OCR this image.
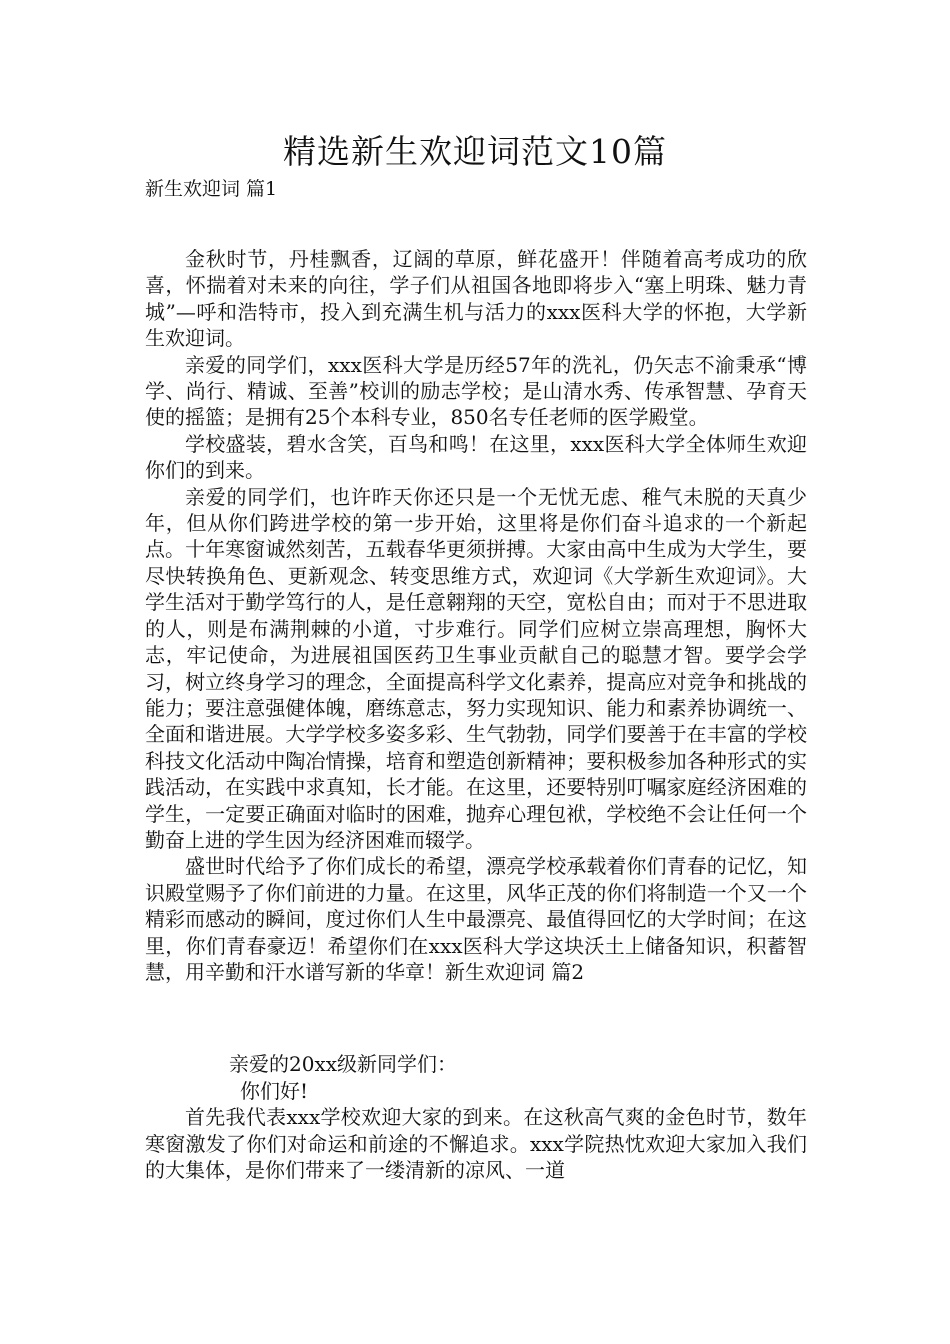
精选新生欢迎词范文10篇
新生欢迎词 篇1

金秋时节，丹桂飘香，辽阔的草原，鲜花盛开！伴随着高考成功的欣喜，怀揣着对未来的向往，学子们从祖国各地即将步入“塞上明珠、魅力青城”—呼和浩特市，投入到充满生机与活力的xxx医科大学的怀抱，大学新生欢迎词。

亲爱的同学们，xxx医科大学是历经57年的洗礼，仍矢志不渝秉承“博学、尚行、精诚、至善”校训的励志学校；是山清水秀、传承智慧、孕育天使的摇篮；是拥有25个本科专业，850名专任老师的医学殿堂。

学校盛装，碧水含笑，百鸟和鸣！在这里，xxx医科大学全体师生欢迎你们的到来。

亲爱的同学们，也许昨天你还只是一个无忧无虑、稚气未脱的天真少年，但从你们跨进学校的第一步开始，这里将是你们奋斗追求的一个新起点。十年寒窗诚然刻苦，五载春华更须拼搏。大家由高中生成为大学生，要尽快转换角色、更新观念、转变思维方式，欢迎词《大学新生欢迎词》。大学生活对于勤学笃行的人，是任意翱翔的天空，宽松自由；而对于不思进取的人，则是布满荆棘的小道，寸步难行。同学们应树立崇高理想，胸怀大志，牢记使命，为进展祖国医药卫生事业贡献自己的聪慧才智。要学会学习，树立终身学习的理念，全面提高科学文化素养，提高应对竞争和挑战的能力；要注意强健体魄，磨练意志，努力实现知识、能力和素养协调统一、全面和谐进展。大学学校多姿多彩、生气勃勃，同学们要善于在丰富的学校科技文化活动中陶冶情操，培育和塑造创新精神；要积极参加各种形式的实践活动，在实践中求真知，长才能。在这里，还要特别叮嘱家庭经济困难的学生，一定要正确面对临时的困难，抛弃心理包袱，学校绝不会让任何一个勤奋上进的学生因为经济困难而辍学。

盛世时代给予了你们成长的希望，漂亮学校承载着你们青春的记忆，知识殿堂赐予了你们前进的力量。在这里，风华正茂的你们将制造一个又一个精彩而感动的瞬间，度过你们人生中最漂亮、最值得回忆的大学时间；在这里，你们青春豪迈！希望你们在xxx医科大学这块沃土上储备知识，积蓄智慧，用辛勤和汗水谱写新的华章！新生欢迎词 篇2

亲爱的20xx级新同学们：

你们好!

首先我代表xxx学校欢迎大家的到来。在这秋高气爽的金色时节，数年寒窗激发了你们对命运和前途的不懈追求。xxx学院热忱欢迎大家加入我们的大集体，是你们带来了一缕清新的凉风、一道
